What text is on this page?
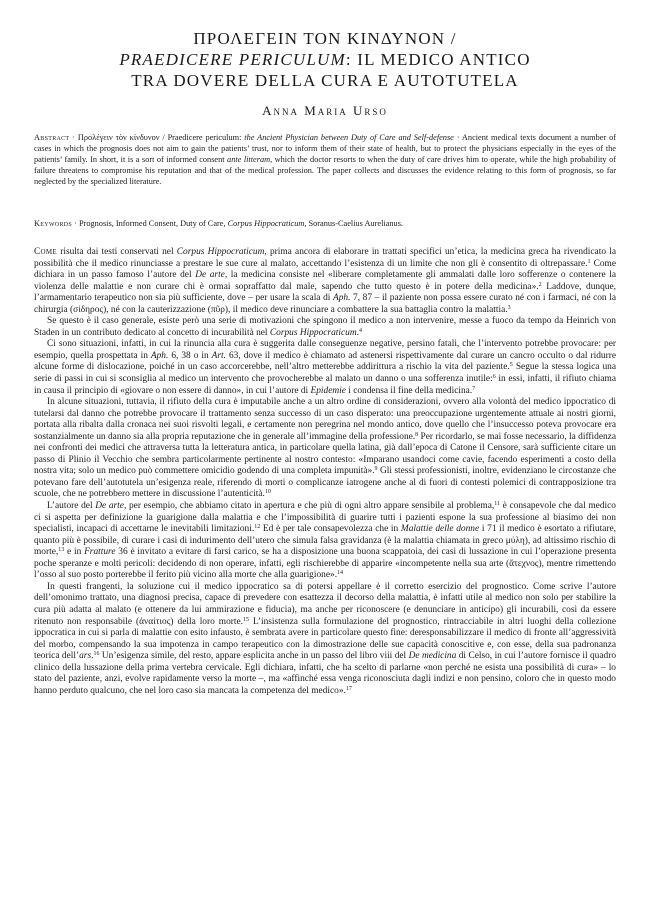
ΠΡΟΛΕΓΕΙΝ ΤΟΝ ΚΙΝΔΥΝΟΝ /
PRAEDICERE PERICULUM: IL MEDICO ANTICO
TRA DOVERE DELLA CURA E AUTOTUTELA
Anna Maria Urso
Abstract · Προλέγειν τὸν κίνδυνον / Praedicere periculum: the Ancient Physician between Duty of Care and Self-defense · Ancient medical texts document a number of cases in which the prognosis does not aim to gain the patients’ trust, nor to inform them of their state of health, but to protect the physicians especially in the eyes of the patients’ family. In short, it is a sort of informed consent ante litteram, which the doctor resorts to when the duty of care drives him to operate, while the high probability of failure threatens to compromise his reputation and that of the medical profession. The paper collects and discusses the evidence relating to this form of prognosis, so far neglected by the specialized literature.
Keywords · Prognosis, Informed Consent, Duty of Care, Corpus Hippocraticum, Soranus-Caelius Aurelianus.

Come risulta dai testi conservati nel Corpus Hippocraticum, prima ancora di elaborare in trattati specifici un’etica, la medicina greca ha rivendicato la possibilità che il medico rinunciasse a prestare le sue cure al malato, accettando l’esistenza di un limite che non gli è consentito di oltrepassare.$^1$ Come dichiara in un passo famoso l’autore del De arte, la medicina consiste nel «liberare completamente gli ammalati dalle loro sofferenze o contenere la violenza delle malattie e non curare chi è ormai sopraffatto dal male, sapendo che tutto questo è in potere della medicina».$^2$ Laddove, dunque, l’armamentario terapeutico non sia più sufficiente, dove – per usare la scala di Aph. 7, 87 – il paziente non possa essere curato né con i farmaci, né con la chirurgia (σίδηρος), né con la cauterizzazione (πῦρ), il medico deve rinunciare a combattere la sua battaglia contro la malattia.$^3$

Se questo è il caso generale, esiste però una serie di motivazioni che spingono il medico a non intervenire, messe a fuoco da tempo da Heinrich von Staden in un contributo dedicato al concetto di incurabilità nel Corpus Hippocraticum.$^4$

Ci sono situazioni, infatti, in cui la rinuncia alla cura è suggerita dalle conseguenze negative, persino fatali, che l’intervento potrebbe provocare: per esempio, quella prospettata in Aph. 6, 38 o in Art. 63, dove il medico è chiamato ad astenersi rispettivamente dal curare un cancro occulto o dal ridurre alcune forme di dislocazione, poiché in un caso accorcerebbe, nell’altro metterebbe addirittura a rischio la vita del paziente.$^5$ Segue la stessa logica una serie di passi in cui si sconsiglia al medico un intervento che provocherebbe al malato un danno o una sofferenza inutile:$^6$ in essi, infatti, il rifiuto chiama in causa il principio di «giovare o non essere di danno», in cui l’autore di Epidemie i condensa il fine della medicina.$^7$

In alcune situazioni, tuttavia, il rifiuto della cura è imputabile anche a un altro ordine di considerazioni, ovvero alla volontà del medico ippocratico di tutelarsi dal danno che potrebbe provocare il trattamento senza successo di un caso disperato: una preoccupazione urgentemente attuale ai nostri giorni, portata alla ribalta dalla cronaca nei suoi risvolti legali, e certamente non peregrina nel mondo antico, dove quello che l’insuccesso poteva provocare era sostanzialmente un danno sia alla propria reputazione che in generale all’immagine della professione.$^8$ Per ricordarlo, se mai fosse necessario, la diffidenza nei confronti dei medici che attraversa tutta la letteratura antica, in particolare quella latina, già dall’epoca di Catone il Censore, sarà sufficiente citare un passo di Plinio il Vecchio che sembra particolarmente pertinente al nostro contesto: «Imparano usandoci come cavie, facendo esperimenti a costo della nostra vita; solo un medico può commettere omicidio godendo di una completa impunità».$^9$ Gli stessi professionisti, inoltre, evidenziano le circostanze che potevano fare dell’autotutela un’esigenza reale, riferendo di morti o complicanze iatrogene anche al di fuori di contesti polemici di contrapposizione tra scuole, che ne potrebbero mettere in discussione l’autenticità.$^{10}$

L’autore del De arte, per esempio, che abbiamo citato in apertura e che più di ogni altro appare sensibile al problema,$^{11}$ è consapevole che dal medico ci si aspetta per definizione la guarigione dalla malattia e che l’impossibilità di guarire tutti i pazienti espone la sua professione al biasimo dei non specialisti, incapaci di accettarne le inevitabili limitazioni.$^{12}$ Ed è per tale consapevolezza che in Malattie delle donne i 71 il medico è esortato a rifiutare, quanto più è possibile, di curare i casi di indurimento dell’utero che simula falsa gravidanza (è la malattia chiamata in greco μύλη), ad altissimo rischio di morte,$^{13}$ e in Fratture 36 è invitato a evitare di farsi carico, se ha a disposizione una buona scappatoia, dei casi di lussazione in cui l’operazione presenta poche speranze e molti pericoli: decidendo di non operare, infatti, egli rischierebbe di apparire «incompetente nella sua arte (ἄτεχνος), mentre rimettendo l’osso al suo posto porterebbe il ferito più vicino alla morte che alla guarigione».$^{14}$

In questi frangenti, la soluzione cui il medico ippocratico sa di potersi appellare è il corretto esercizio del prognostico. Come scrive l’autore dell’omonimo trattato, una diagnosi precisa, capace di prevedere con esattezza il decorso della malattia, è infatti utile al medico non solo per stabilire la cura più adatta al malato (e ottenere da lui ammirazione e fiducia), ma anche per riconoscere (e denunciare in anticipo) gli incurabili, così da essere ritenuto non responsabile (ἀναίτιος) della loro morte.$^{15}$ L’insistenza sulla formulazione del prognostico, rintracciabile in altri luoghi della collezione ippocratica in cui si parla di malattie con esito infausto, è sembrata avere in particolare questo fine: deresponsabilizzare il medico di fronte all’aggressività del morbo, compensando la sua impotenza in campo terapeutico con la dimostrazione delle sue capacità conoscitive e, con esse, della sua padronanza teorica dell’ars.$^{16}$ Un’esigenza simile, del resto, appare esplicita anche in un passo del libro viii del De medicina di Celso, in cui l’autore fornisce il quadro clinico della lussazione della prima vertebra cervicale. Egli dichiara, infatti, che ha scelto di parlarne «non perché ne esista una possibilità di cura» – lo stato del paziente, anzi, evolve rapidamente verso la morte –, ma «affinché essa venga riconosciuta dagli indizi e non pensino, coloro che in questo modo hanno perduto qualcuno, che nel loro caso sia mancata la competenza del medico».$^{17}$
